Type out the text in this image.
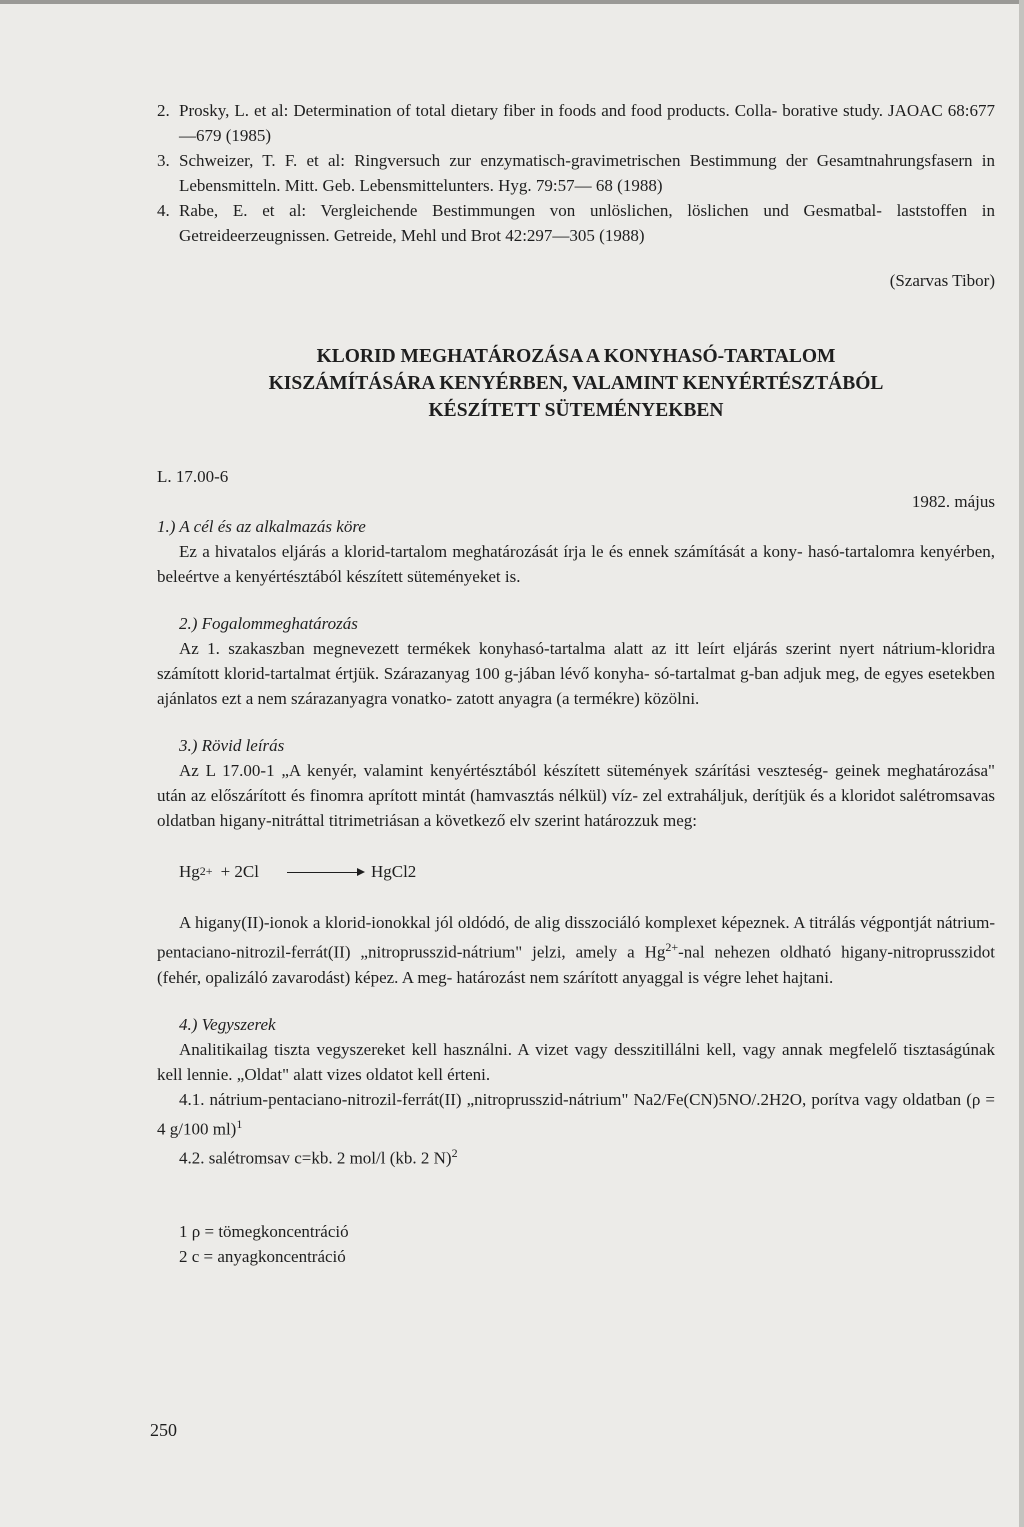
2. Prosky, L. et al: Determination of total dietary fiber in foods and food products. Colla- borative study. JAOAC 68:677—679 (1985)
3. Schweizer, T. F. et al: Ringversuch zur enzymatisch-gravimetrischen Bestimmung der Gesamtnahrungsfasern in Lebensmitteln. Mitt. Geb. Lebensmittelunters. Hyg. 79:57— 68 (1988)
4. Rabe, E. et al: Vergleichende Bestimmungen von unlöslichen, löslichen und Gesmatbal- laststoffen in Getreideerzeugnissen. Getreide, Mehl und Brot 42:297—305 (1988)
(Szarvas Tibor)
KLORID MEGHATÁROZÁSA A KONYHASÓ-TARTALOM
KISZÁMÍTÁSÁRA KENYÉRBEN, VALAMINT KENYÉRTÉSZTÁBÓL
KÉSZÍTETT SÜTEMÉNYEKBEN
L. 17.00-6
1982. május
1.) A cél és az alkalmazás köre
Ez a hivatalos eljárás a klorid-tartalom meghatározását írja le és ennek számítását a kony- hasó-tartalomra kenyérben, beleértve a kenyértésztából készített süteményeket is.
2.) Fogalommeghatározás
Az 1. szakaszban megnevezett termékek konyhasó-tartalma alatt az itt leírt eljárás szerint nyert nátrium-kloridra számított klorid-tartalmat értjük. Szárazanyag 100 g-jában lévő konyha- só-tartalmat g-ban adjuk meg, de egyes esetekben ajánlatos ezt a nem szárazanyagra vonatko- zatott anyagra (a termékre) közölni.
3.) Rövid leírás
Az L 17.00-1 „A kenyér, valamint kenyértésztából készített sütemények szárítási veszteség- geinek meghatározása" után az előszárított és finomra aprított mintát (hamvasztás nélkül) víz- zel extraháljuk, derítjük és a kloridot salétromsavas oldatban higany-nitráttal titrimetriásan a következő elv szerint határozzuk meg:
Hg 2+ + 2Cl	HgCl2
A higany(II)-ionok a klorid-ionokkal jól oldódó, de alig disszociáló komplexet képeznek. A titrálás végpontját nátrium-pentaciano-nitrozil-ferrát(II) „nitroprusszid-nátrium" jelzi, amely a $Hg^{2+}$-nal nehezen oldható higany-nitroprusszidot (fehér, opalizáló zavarodást) képez. A meg- határozást nem szárított anyaggal is végre lehet hajtani.
4.) Vegyszerek
Analitikailag tiszta vegyszereket kell használni. A vizet vagy desszitillálni kell, vagy annak megfelelő tisztaságúnak kell lennie. „Oldat" alatt vizes oldatot kell érteni.
4.1. nátrium-pentaciano-nitrozil-ferrát(II) „nitroprusszid-nátrium" Na2/Fe(CN)5NO/.2H2O, porítva vagy oldatban (ρ = 4 g/100 ml)$^1$
4.2. salétromsav c=kb. 2 mol/l (kb. 2 N)$^2$
1 ρ = tömegkoncentráció
2 c = anyagkoncentráció
250
